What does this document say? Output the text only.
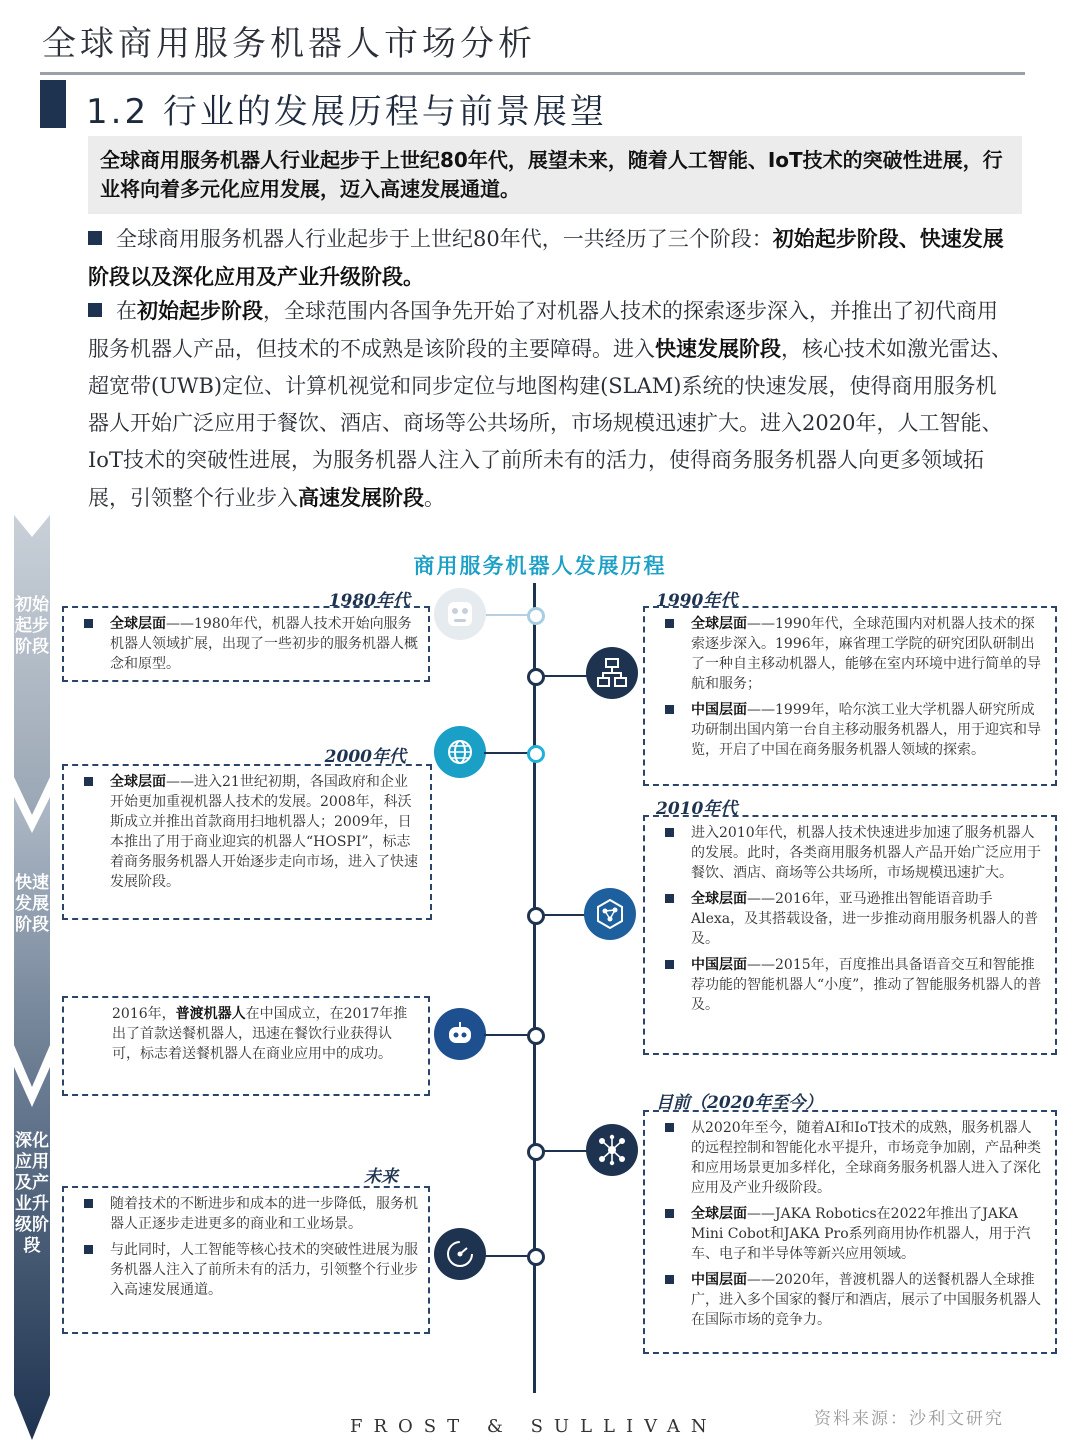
全球商用服务机器人市场分析
1.2 行业的发展历程与前景展望

全球商用服务机器人行业起步于上世纪80年代，展望未来，随着人工智能、IoT技术的突破性进展，行业将向着多元化应用发展，迈入高速发展通道。

全球商用服务机器人行业起步于上世纪80年代，一共经历了三个阶段：初始起步阶段、快速发展阶段以及深化应用及产业升级阶段。
在初始起步阶段，全球范围内各国争先开始了对机器人技术的探索逐步深入，并推出了初代商用服务机器人产品，但技术的不成熟是该阶段的主要障碍。进入快速发展阶段，核心技术如激光雷达、超宽带(UWB)定位、计算机视觉和同步定位与地图构建(SLAM)系统的快速发展，使得商用服务机器人开始广泛应用于餐饮、酒店、商场等公共场所，市场规模迅速扩大。进入2020年，人工智能、IoT技术的突破性进展，为服务机器人注入了前所未有的活力，使得商务服务机器人向更多领域拓展，引领整个行业步入高速发展阶段。
初始起步阶段
快速发展阶段
深化应用及产业升级阶段
商用服务机器人发展历程
1980年代
全球层面——1980年代，机器人技术开始向服务机器人领域扩展，出现了一些初步的服务机器人概念和原型。
1990年代
全球层面——1990年代，全球范围内对机器人技术的探索逐步深入。1996年，麻省理工学院的研究团队研制出了一种自主移动机器人，能够在室内环境中进行简单的导航和服务；
中国层面——1999年，哈尔滨工业大学机器人研究所成功研制出国内第一台自主移动服务机器人，用于迎宾和导览，开启了中国在商务服务机器人领域的探索。
2000年代
全球层面——进入21世纪初期，各国政府和企业开始更加重视机器人技术的发展。2008年，科沃斯成立并推出首款商用扫地机器人；2009年，日本推出了用于商业迎宾的机器人“HOSPI”，标志着商务服务机器人开始逐步走向市场，进入了快速发展阶段。
2010年代
进入2010年代，机器人技术快速进步加速了服务机器人的发展。此时，各类商用服务机器人产品开始广泛应用于餐饮、酒店、商场等公共场所，市场规模迅速扩大。
全球层面——2016年，亚马逊推出智能语音助手Alexa，及其搭载设备，进一步推动商用服务机器人的普及。
中国层面——2015年，百度推出具备语音交互和智能推荐功能的智能机器人“小度”，推动了智能服务机器人的普及。
2016年，普渡机器人在中国成立，在2017年推出了首款送餐机器人，迅速在餐饮行业获得认可，标志着送餐机器人在商业应用中的成功。
目前（2020年至今）
从2020年至今，随着AI和IoT技术的成熟，服务机器人的远程控制和智能化水平提升，市场竞争加剧，产品种类和应用场景更加多样化，全球商务服务机器人进入了深化应用及产业升级阶段。
全球层面——JAKA Robotics在2022年推出了JAKA Mini Cobot和JAKA Pro系列商用协作机器人，用于汽车、电子和半导体等新兴应用领域。
中国层面——2020年，普渡机器人的送餐机器人全球推广，进入多个国家的餐厅和酒店，展示了中国服务机器人在国际市场的竞争力。
未来
随着技术的不断进步和成本的进一步降低，服务机器人正逐步走进更多的商业和工业场景。
与此同时，人工智能等核心技术的突破性进展为服务机器人注入了前所未有的活力，引领整个行业步入高速发展通道。
FROST & SULLIVAN	资料来源：沙利文研究
